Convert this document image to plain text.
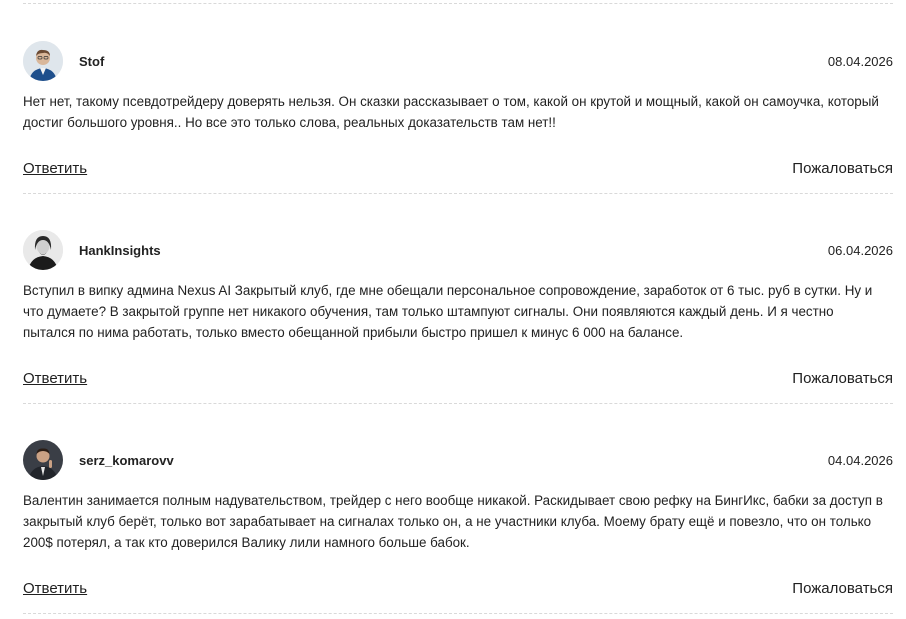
Stof	08.04.2026
Нет нет, такому псевдотрейдеру доверять нельзя. Он сказки рассказывает о том, какой он крутой и мощный, какой он самоучка, который достиг большого уровня.. Но все это только слова, реальных доказательств там нет!!
Ответить	Пожаловаться
HankInsights	06.04.2026
Вступил в випку админа Nexus AI Закрытый клуб, где мне обещали персональное сопровождение, заработок от 6 тыс. руб в сутки. Ну и что думаете? В закрытой группе нет никакого обучения, там только штампуют сигналы. Они появляются каждый день. И я честно пытался по нима работать, только вместо обещанной прибыли быстро пришел к минус 6 000 на балансе.
Ответить	Пожаловаться
serz_komarovv	04.04.2026
Валентин занимается полным надувательством, трейдер с него вообще никакой. Раскидывает свою рефку на БингИкс, бабки за доступ в закрытый клуб берёт, только вот зарабатывает на сигналах только он, а не участники клуба. Моему брату ещё и повезло, что он только 200$ потерял, а так кто доверился Валику лили намного больше бабок.
Ответить	Пожаловаться
